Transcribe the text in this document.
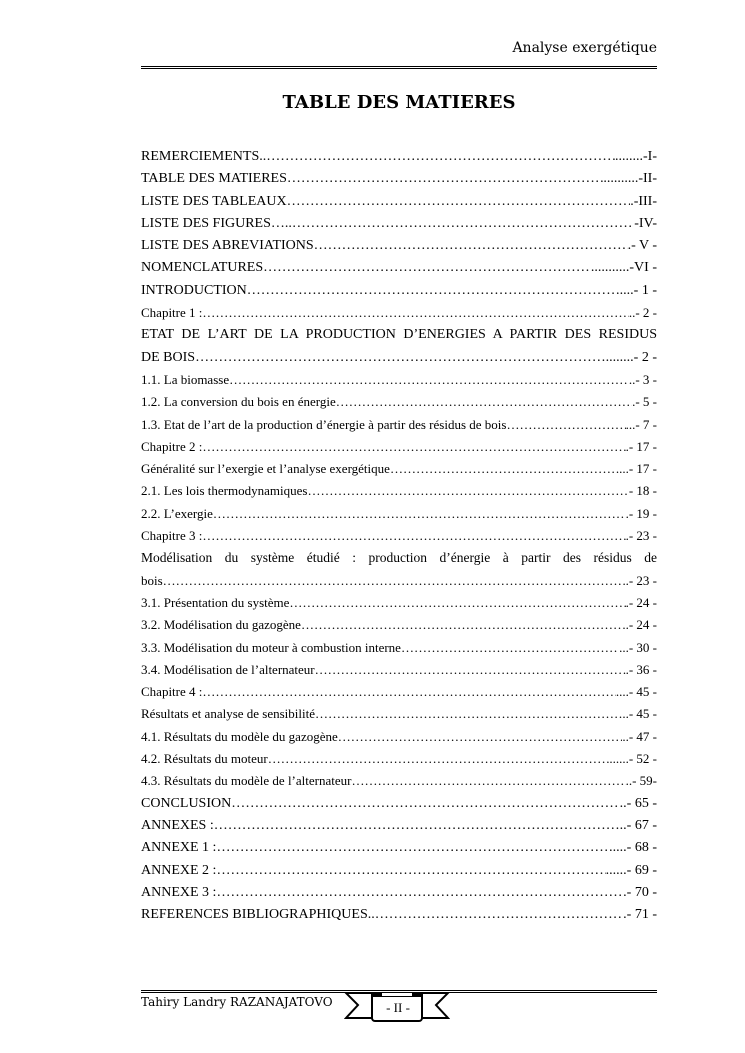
Analyse exergétique
TABLE DES MATIERES
REMERCIEMENTS.. ……………………………………………………………………………………………………………………………………	........-I-
TABLE DES MATIERES ……………………………………………………………………………………………………………………………………	..........-II-
LISTE DES TABLEAUX ……………………………………………………………………………………………………………………………………	.-III-
LISTE DES FIGURES….. ……………………………………………………………………………………………………………………………………	-IV-
LISTE DES ABREVIATIONS ……………………………………………………………………………………………………………………………………	.- V -
NOMENCLATURES ……………………………………………………………………………………………………………………………………	...........-VI -
INTRODUCTION ……………………………………………………………………………………………………………………………………	....- 1 -
Chapitre 1 : ……………………………………………………………………………………………………………………………………	..- 2 -
ETAT DE L’ART DE LA PRODUCTION D’ENERGIES A PARTIR DES RESIDUS
DE BOIS ……………………………………………………………………………………………………………………………………	........- 2 -
1.1. La biomasse ……………………………………………………………………………………………………………………………………	..- 3 -
1.2. La conversion du bois en énergie ……………………………………………………………………………………………………………………………………	.- 5 -
1.3. Etat de l’art de la production d’énergie à partir des résidus de bois ……………………………………………………………………………………………………………………………………	...- 7 -
Chapitre 2 : ……………………………………………………………………………………………………………………………………	.- 17 -
Généralité sur l’exergie et l’analyse exergétique ……………………………………………………………………………………………………………………………………	...- 17 -
2.1. Les lois thermodynamiques ……………………………………………………………………………………………………………………………………	- 18 -
2.2. L’exergie ……………………………………………………………………………………………………………………………………	.- 19 -
Chapitre 3 : ……………………………………………………………………………………………………………………………………	.- 23 -
Modélisation du système étudié : production d’énergie à partir des résidus de
bois ……………………………………………………………………………………………………………………………………	.- 23 -
3.1. Présentation du système ……………………………………………………………………………………………………………………………………	.- 24 -
3.2. Modélisation du gazogène ……………………………………………………………………………………………………………………………………	..- 24 -
3.3. Modélisation du moteur à combustion interne ……………………………………………………………………………………………………………………………………	...- 30 -
3.4. Modélisation de l’alternateur ……………………………………………………………………………………………………………………………………	.- 36 -
Chapitre 4 : ……………………………………………………………………………………………………………………………………	....- 45 -
Résultats et analyse de sensibilité ……………………………………………………………………………………………………………………………………	..- 45 -
4.1. Résultats du modèle du gazogène ……………………………………………………………………………………………………………………………………	..- 47 -
4.2. Résultats du moteur ……………………………………………………………………………………………………………………………………	......- 52 -
4.3. Résultats du modèle de l’alternateur ……………………………………………………………………………………………………………………………………	..- 59-
CONCLUSION ……………………………………………………………………………………………………………………………………	..- 65 -
ANNEXES : ……………………………………………………………………………………………………………………………………	..- 67 -
ANNEXE 1 : ……………………………………………………………………………………………………………………………………	....- 68 -
ANNEXE 2 : ……………………………………………………………………………………………………………………………………	......- 69 -
ANNEXE 3 : ……………………………………………………………………………………………………………………………………	.- 70 -
REFERENCES BIBLIOGRAPHIQUES.. ……………………………………………………………………………………………………………………………………	.- 71 -
Tahiry Landry RAZANAJATOVO	- II -
